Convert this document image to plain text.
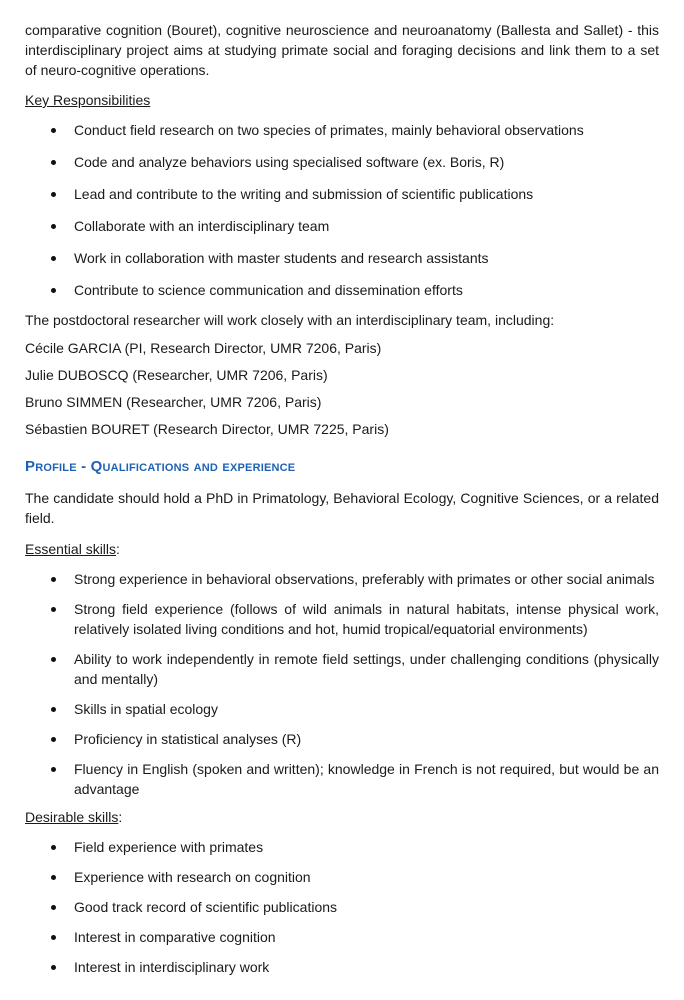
comparative cognition (Bouret), cognitive neuroscience and neuroanatomy (Ballesta and Sallet) - this interdisciplinary project aims at studying primate social and foraging decisions and link them to a set of neuro-cognitive operations.

Key Responsibilities

Conduct field research on two species of primates, mainly behavioral observations
Code and analyze behaviors using specialised software (ex. Boris, R)
Lead and contribute to the writing and submission of scientific publications
Collaborate with an interdisciplinary team
Work in collaboration with master students and research assistants
Contribute to science communication and dissemination efforts

The postdoctoral researcher will work closely with an interdisciplinary team, including:

Cécile GARCIA (PI, Research Director, UMR 7206, Paris)

Julie DUBOSCQ (Researcher, UMR 7206, Paris)

Bruno SIMMEN (Researcher, UMR 7206, Paris)

Sébastien BOURET (Research Director, UMR 7225, Paris)

Profile - Qualifications and experience

The candidate should hold a PhD in Primatology, Behavioral Ecology, Cognitive Sciences, or a related field.

Essential skills:

Strong experience in behavioral observations, preferably with primates or other social animals
Strong field experience (follows of wild animals in natural habitats, intense physical work, relatively isolated living conditions and hot, humid tropical/equatorial environments)
Ability to work independently in remote field settings, under challenging conditions (physically and mentally)
Skills in spatial ecology
Proficiency in statistical analyses (R)
Fluency in English (spoken and written); knowledge in French is not required, but would be an advantage

Desirable skills:

Field experience with primates
Experience with research on cognition
Good track record of scientific publications
Interest in comparative cognition
Interest in interdisciplinary work
